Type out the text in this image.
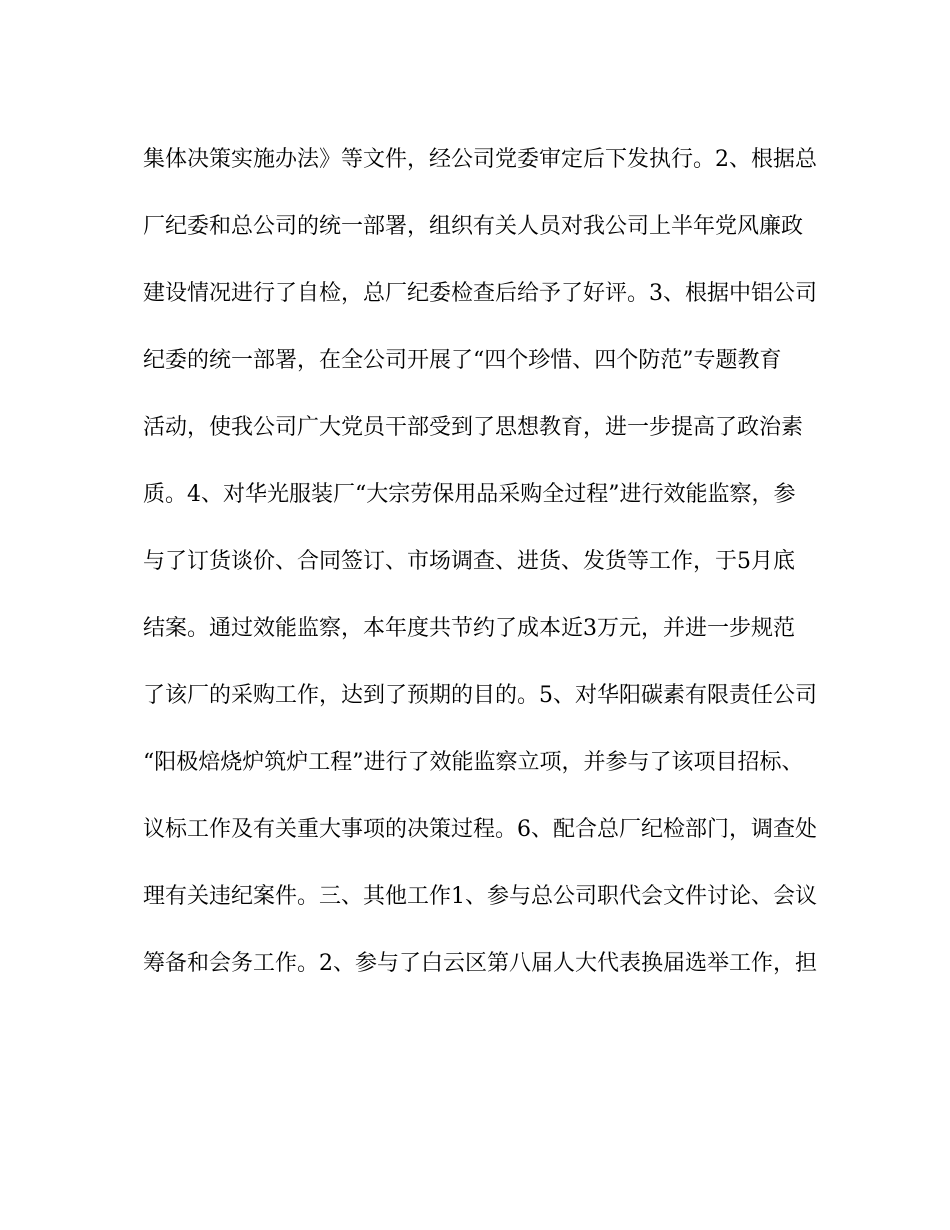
集体决策实施办法》等文件，经公司党委审定后下发执行。2、根据总
厂纪委和总公司的统一部署，组织有关人员对我公司上半年党风廉政
建设情况进行了自检，总厂纪委检查后给予了好评。3、根据中铝公司
纪委的统一部署，在全公司开展了“四个珍惜、四个防范”专题教育
活动，使我公司广大党员干部受到了思想教育，进一步提高了政治素
质。4、对华光服装厂“大宗劳保用品采购全过程”进行效能监察，参
与了订货谈价、合同签订、市场调查、进货、发货等工作，于5月底
结案。通过效能监察，本年度共节约了成本近3万元，并进一步规范
了该厂的采购工作，达到了预期的目的。5、对华阳碳素有限责任公司
“阳极焙烧炉筑炉工程”进行了效能监察立项，并参与了该项目招标、
议标工作及有关重大事项的决策过程。6、配合总厂纪检部门，调查处
理有关违纪案件。三、其他工作1、参与总公司职代会文件讨论、会议
筹备和会务工作。2、参与了白云区第八届人大代表换届选举工作，担
